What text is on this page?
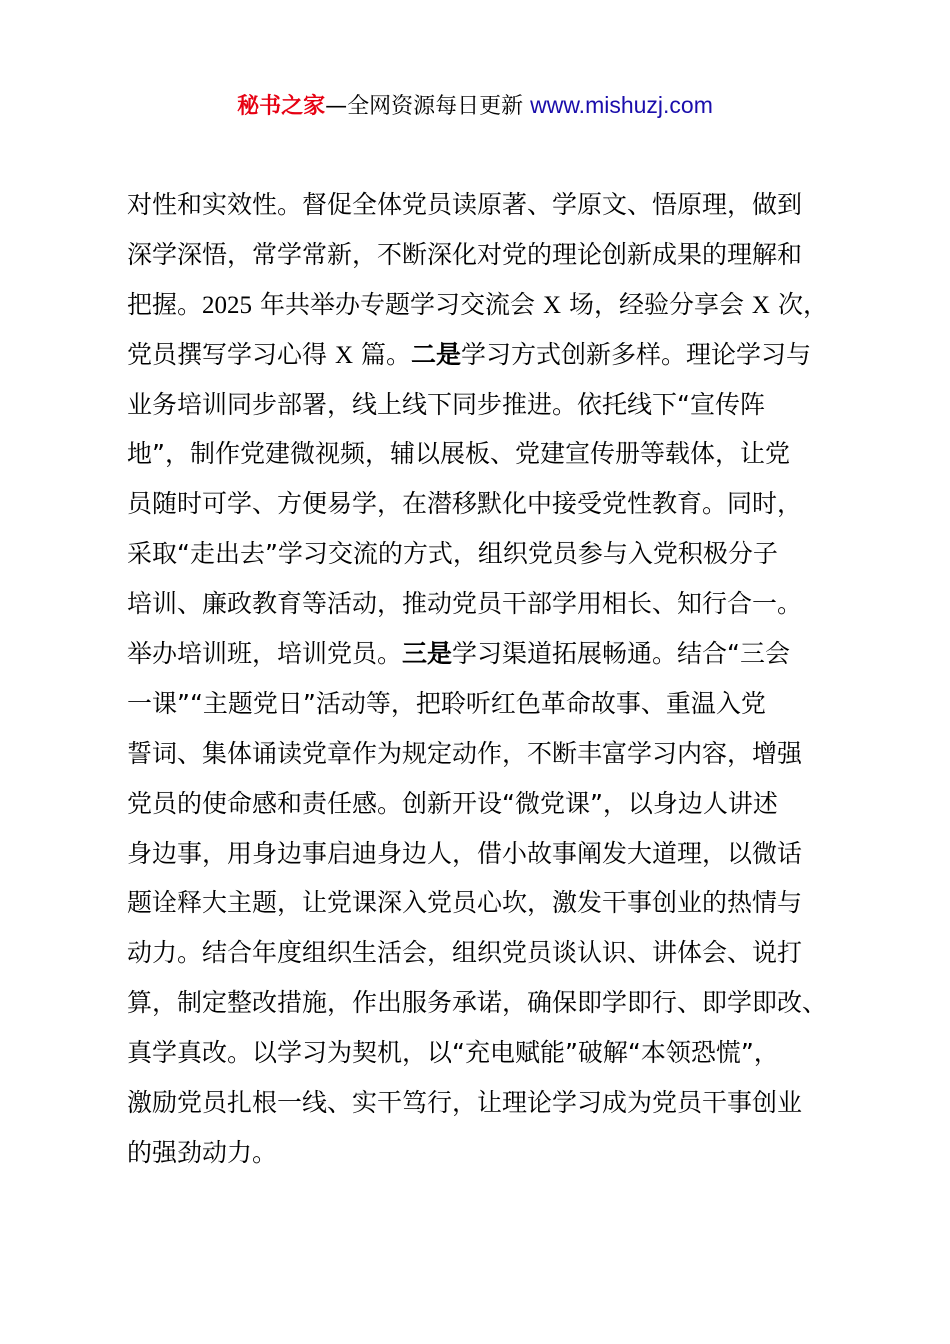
秘书之家—全网资源每日更新 www.mishuzj.com
对性和实效性。督促全体党员读原著、学原文、悟原理，做到
深学深悟，常学常新，不断深化对党的理论创新成果的理解和
把握。2025 年共举办专题学习交流会 X 场，经验分享会 X 次，
党员撰写学习心得 X 篇。二是学习方式创新多样。理论学习与
业务培训同步部署，线上线下同步推进。依托线下“宣传阵
地”，制作党建微视频，辅以展板、党建宣传册等载体，让党
员随时可学、方便易学，在潜移默化中接受党性教育。同时，
采取“走出去”学习交流的方式，组织党员参与入党积极分子
培训、廉政教育等活动，推动党员干部学用相长、知行合一。
举办培训班，培训党员。三是学习渠道拓展畅通。结合“三会
一课”“主题党日”活动等，把聆听红色革命故事、重温入党
誓词、集体诵读党章作为规定动作，不断丰富学习内容，增强
党员的使命感和责任感。创新开设“微党课”，以身边人讲述
身边事，用身边事启迪身边人，借小故事阐发大道理，以微话
题诠释大主题，让党课深入党员心坎，激发干事创业的热情与
动力。结合年度组织生活会，组织党员谈认识、讲体会、说打
算，制定整改措施，作出服务承诺，确保即学即行、即学即改、
真学真改。以学习为契机，以“充电赋能”破解“本领恐慌”，
激励党员扎根一线、实干笃行，让理论学习成为党员干事创业
的强劲动力。
